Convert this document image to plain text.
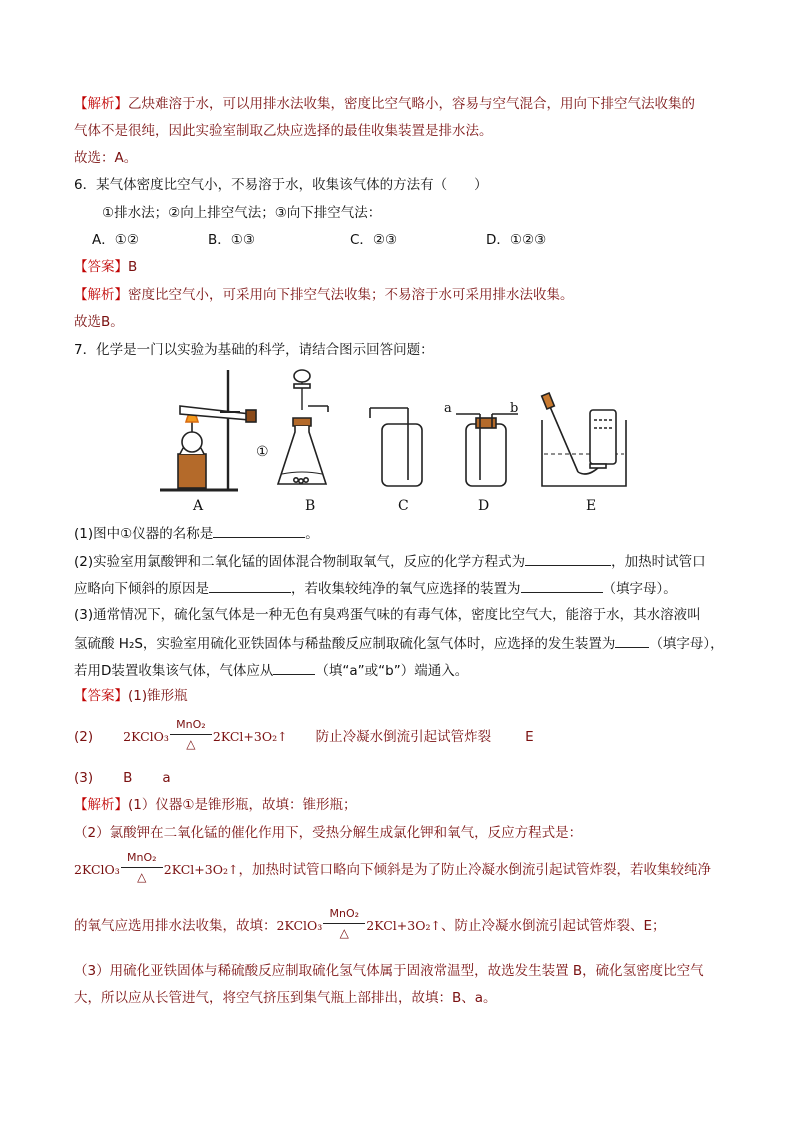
【解析】乙炔难溶于水，可以用排水法收集，密度比空气略小，容易与空气混合，用向下排空气法收集的
气体不是很纯，因此实验室制取乙炔应选择的最佳收集装置是排水法。
故选：A。
6．某气体密度比空气小，不易溶于水，收集该气体的方法有（　　）
①排水法；②向上排空气法；③向下排空气法：
A．①②	B．①③	C．②③	D．①②③
【答案】B
【解析】密度比空气小，可采用向下排空气法收集；不易溶于水可采用排水法收集。
故选B。
7．化学是一门以实验为基础的科学，请结合图示回答问题：
①
a	b
A	B	C	D	E
(1)图中①仪器的名称是	。
(2)实验室用氯酸钾和二氧化锰的固体混合物制取氧气，反应的化学方程式为	，加热时试管口
应略向下倾斜的原因是	，若收集较纯净的氧气应选择的装置为	（填字母）。
(3)通常情况下，硫化氢气体是一种无色有臭鸡蛋气味的有毒气体，密度比空气大，能溶于水，其水溶液叫
氢硫酸 H₂S，实验室用硫化亚铁固体与稀盐酸反应制取硫化氢气体时，应选择的发生装置为	（填字母），
若用D装置收集该气体，气体应从	（填“a”或“b”）端通入。
【答案】(1)锥形瓶
(2) 2KClO₃ $\frac{\text{MnO₂}}{\triangle}$ 2KCl+3O₂↑ 防止冷凝水倒流引起试管炸裂	E
(3) B a
【解析】(1）仪器①是锥形瓶，故填：锥形瓶；
（2）氯酸钾在二氧化锰的催化作用下，受热分解生成氯化钾和氧气，反应方程式是：
2KClO₃ $\frac{\text{MnO₂}}{\triangle}$ 2KCl+3O₂↑，加热时试管口略向下倾斜是为了防止冷凝水倒流引起试管炸裂，若收集较纯净
的氧气应选用排水法收集，故填：2KClO₃ $\frac{\text{MnO₂}}{\triangle}$ 2KCl+3O₂↑、防止冷凝水倒流引起试管炸裂、E；
（3）用硫化亚铁固体与稀硫酸反应制取硫化氢气体属于固液常温型，故选发生装置 B，硫化氢密度比空气
大，所以应从长管进气，将空气挤压到集气瓶上部排出，故填：B、a。
